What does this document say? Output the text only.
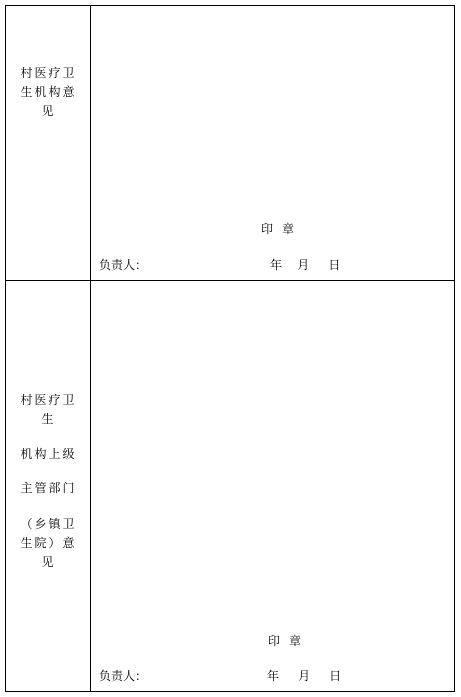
村医疗卫
生机构意
见
印章
负责人：	年    月     日
村医疗卫
生
机构上级
主管部门
（乡镇卫
生院）意
见
印章
负责人：	年     月     日
